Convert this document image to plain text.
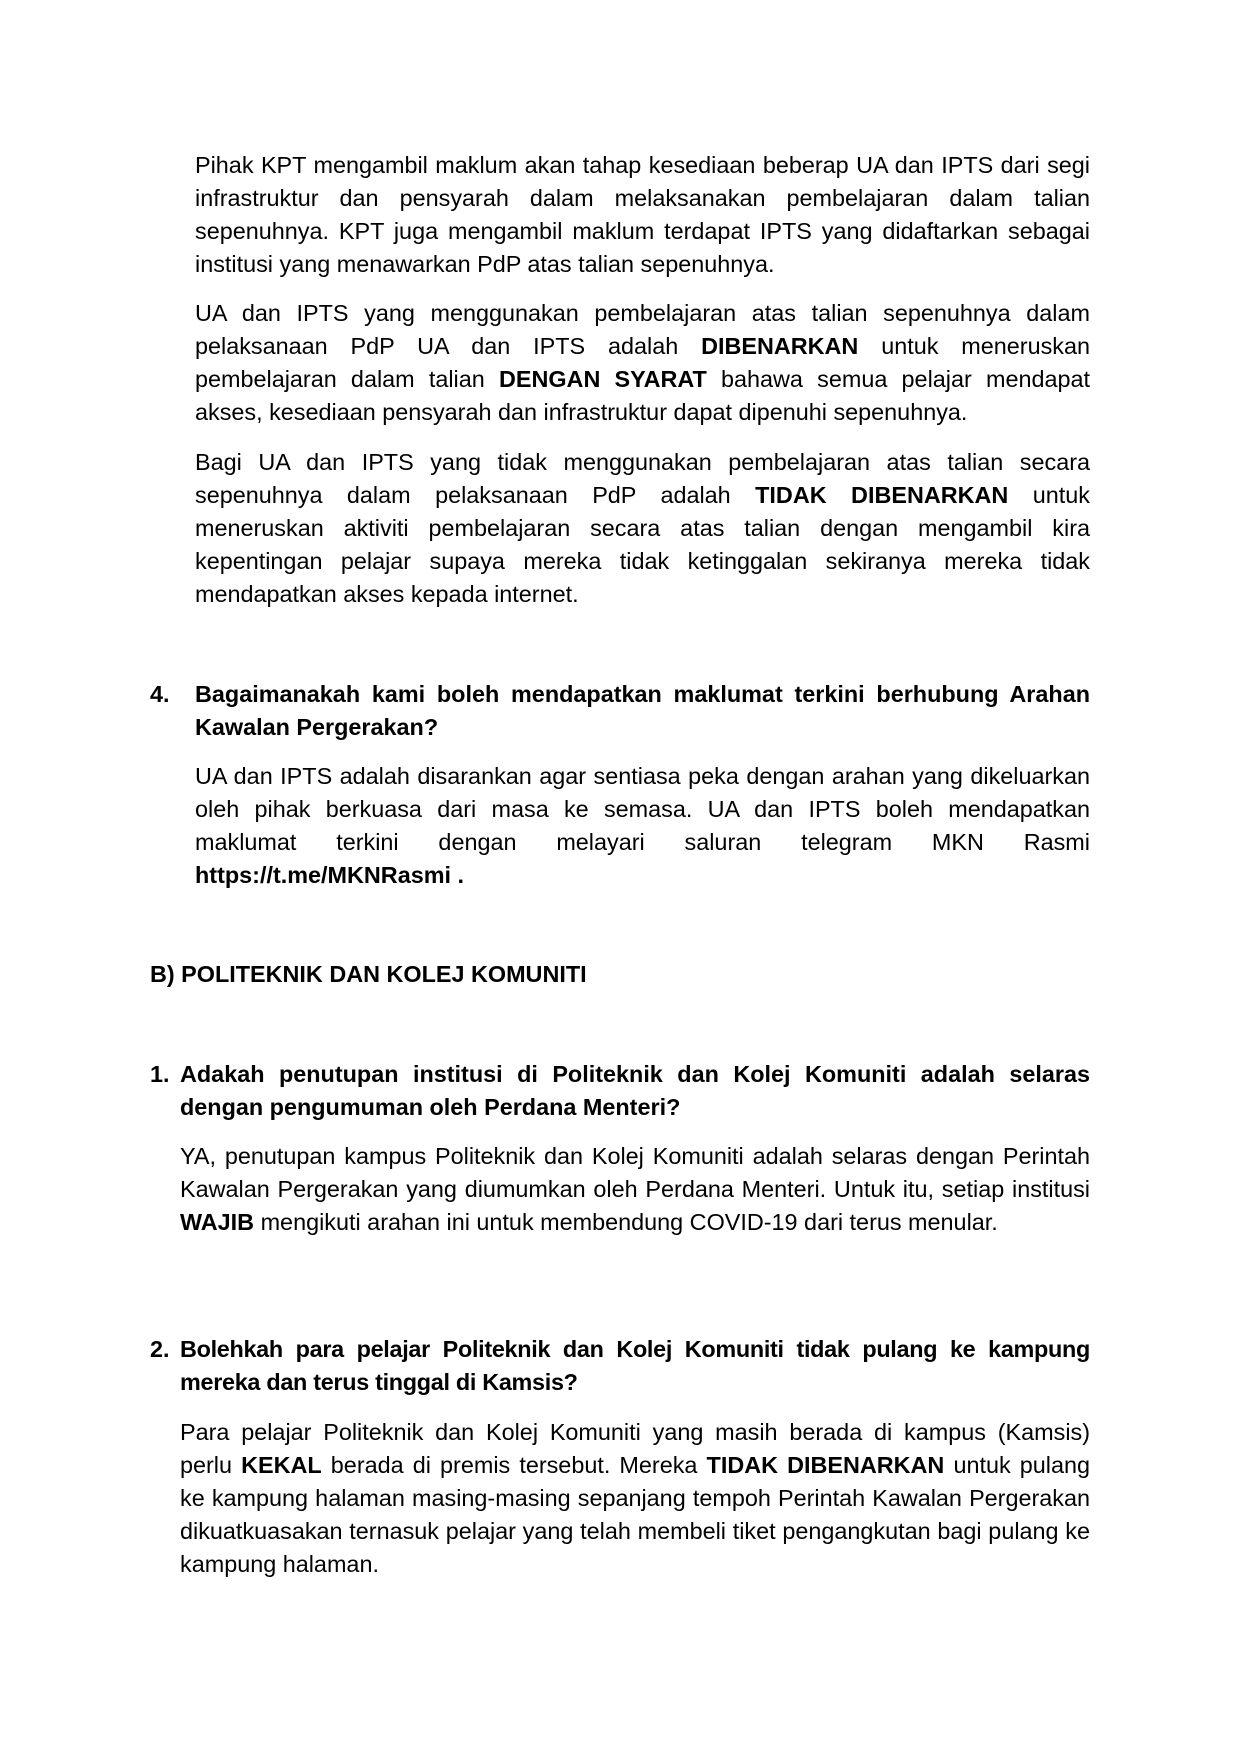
Pihak KPT mengambil maklum akan tahap kesediaan beberap UA dan IPTS dari segi infrastruktur dan pensyarah dalam melaksanakan pembelajaran dalam talian sepenuhnya. KPT juga mengambil maklum terdapat IPTS yang didaftarkan sebagai institusi yang menawarkan PdP atas talian sepenuhnya.

UA dan IPTS yang menggunakan pembelajaran atas talian sepenuhnya dalam pelaksanaan PdP UA dan IPTS adalah DIBENARKAN untuk meneruskan pembelajaran dalam talian DENGAN SYARAT bahawa semua pelajar mendapat akses, kesediaan pensyarah dan infrastruktur dapat dipenuhi sepenuhnya.

Bagi UA dan IPTS yang tidak menggunakan pembelajaran atas talian secara sepenuhnya dalam pelaksanaan PdP adalah TIDAK DIBENARKAN untuk meneruskan aktiviti pembelajaran secara atas talian dengan mengambil kira kepentingan pelajar supaya mereka tidak ketinggalan sekiranya mereka tidak mendapatkan akses kepada internet.

4. Bagaimanakah kami boleh mendapatkan maklumat terkini berhubung Arahan Kawalan Pergerakan?

UA dan IPTS adalah disarankan agar sentiasa peka dengan arahan yang dikeluarkan oleh pihak berkuasa dari masa ke semasa. UA dan IPTS boleh mendapatkan maklumat terkini dengan melayari saluran telegram MKN Rasmi https://t.me/MKNRasmi .

B) POLITEKNIK DAN KOLEJ KOMUNITI
1. Adakah penutupan institusi di Politeknik dan Kolej Komuniti adalah selaras dengan pengumuman oleh Perdana Menteri?

YA, penutupan kampus Politeknik dan Kolej Komuniti adalah selaras dengan Perintah Kawalan Pergerakan yang diumumkan oleh Perdana Menteri. Untuk itu, setiap institusi WAJIB mengikuti arahan ini untuk membendung COVID-19 dari terus menular.

2. Bolehkah para pelajar Politeknik dan Kolej Komuniti tidak pulang ke kampung mereka dan terus tinggal di Kamsis?

Para pelajar Politeknik dan Kolej Komuniti yang masih berada di kampus (Kamsis) perlu KEKAL berada di premis tersebut. Mereka TIDAK DIBENARKAN untuk pulang ke kampung halaman masing-masing sepanjang tempoh Perintah Kawalan Pergerakan dikuatkuasakan ternasuk pelajar yang telah membeli tiket pengangkutan bagi pulang ke kampung halaman.
